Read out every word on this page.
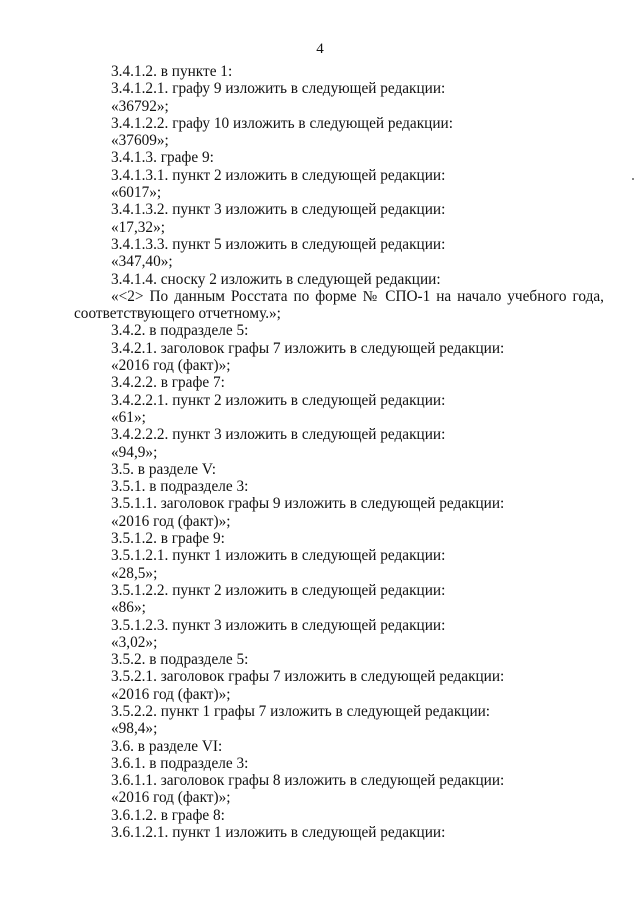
4
3.4.1.2. в пункте 1:
3.4.1.2.1. графу 9 изложить в следующей редакции:
«36792»;
3.4.1.2.2. графу 10 изложить в следующей редакции:
«37609»;
3.4.1.3. графе 9:
3.4.1.3.1. пункт 2 изложить в следующей редакции:
«6017»;
3.4.1.3.2. пункт 3 изложить в следующей редакции:
«17,32»;
3.4.1.3.3. пункт 5 изложить в следующей редакции:
«347,40»;
3.4.1.4. сноску 2 изложить в следующей редакции:
«<2> По данным Росстата по форме № СПО-1 на начало учебного года,
соответствующего отчетному.»;
3.4.2. в подразделе 5:
3.4.2.1. заголовок графы 7 изложить в следующей редакции:
«2016 год (факт)»;
3.4.2.2. в графе 7:
3.4.2.2.1. пункт 2 изложить в следующей редакции:
«61»;
3.4.2.2.2. пункт 3 изложить в следующей редакции:
«94,9»;
3.5. в разделе V:
3.5.1. в подразделе 3:
3.5.1.1. заголовок графы 9 изложить в следующей редакции:
«2016 год (факт)»;
3.5.1.2. в графе 9:
3.5.1.2.1. пункт 1 изложить в следующей редакции:
«28,5»;
3.5.1.2.2. пункт 2 изложить в следующей редакции:
«86»;
3.5.1.2.3. пункт 3 изложить в следующей редакции:
«3,02»;
3.5.2. в подразделе 5:
3.5.2.1. заголовок графы 7 изложить в следующей редакции:
«2016 год (факт)»;
3.5.2.2. пункт 1 графы 7 изложить в следующей редакции:
«98,4»;
3.6. в разделе VI:
3.6.1. в подразделе 3:
3.6.1.1. заголовок графы 8 изложить в следующей редакции:
«2016 год (факт)»;
3.6.1.2. в графе 8:
3.6.1.2.1. пункт 1 изложить в следующей редакции:
